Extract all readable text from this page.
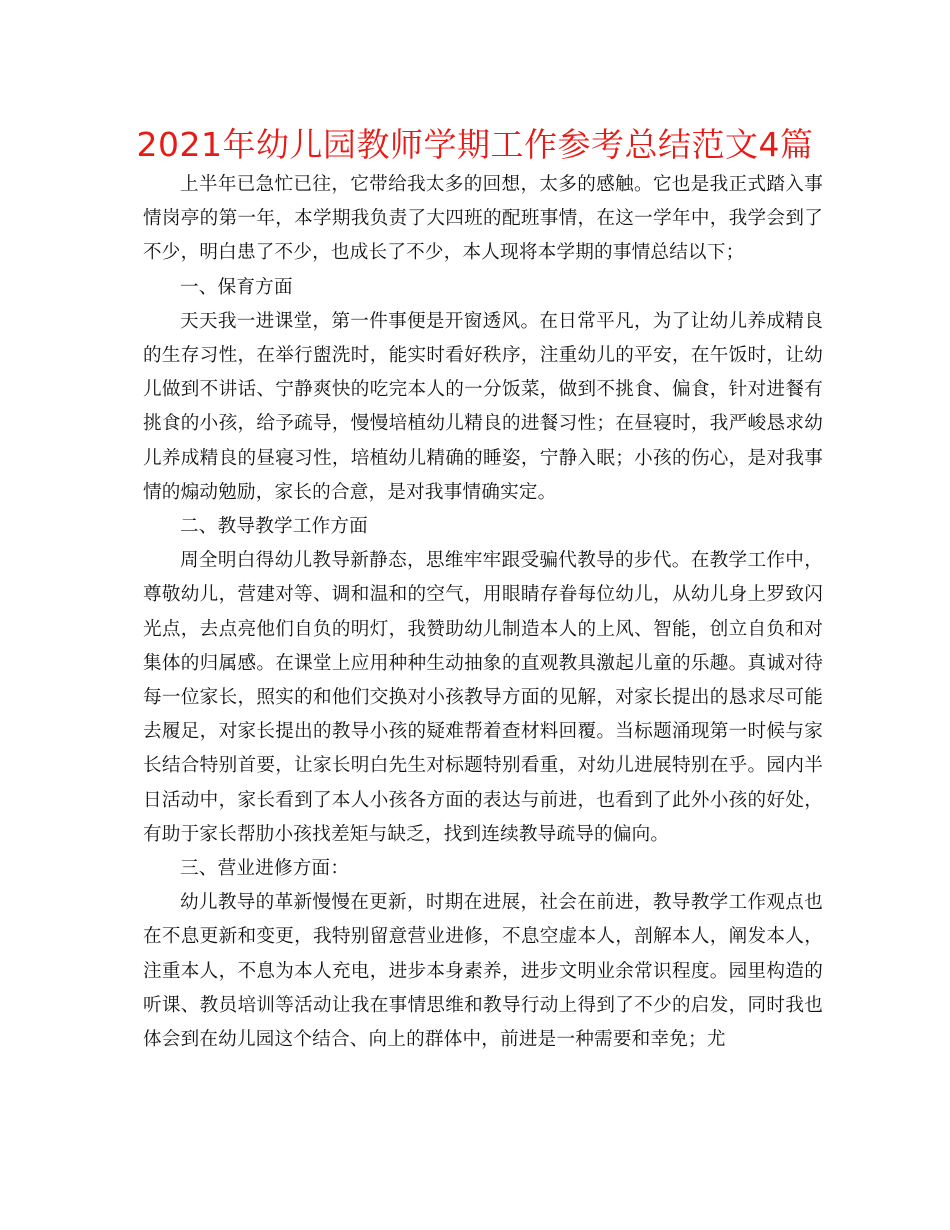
2021年幼儿园教师学期工作参考总结范文4篇

上半年已急忙已往，它带给我太多的回想，太多的感触。它也是我正式踏入事情岗亭的第一年，本学期我负责了大四班的配班事情，在这一学年中，我学会到了不少，明白患了不少，也成长了不少，本人现将本学期的事情总结以下；

一、保育方面

天天我一进课堂，第一件事便是开窗透风。在日常平凡，为了让幼儿养成精良的生存习性，在举行盥洗时，能实时看好秩序，注重幼儿的平安，在午饭时，让幼儿做到不讲话、宁静爽快的吃完本人的一分饭菜，做到不挑食、偏食，针对进餐有挑食的小孩，给予疏导，慢慢培植幼儿精良的进餐习性；在昼寝时，我严峻恳求幼儿养成精良的昼寝习性，培植幼儿精确的睡姿，宁静入眠；小孩的伤心，是对我事情的煽动勉励，家长的合意，是对我事情确实定。

二、教导教学工作方面

周全明白得幼儿教导新静态，思维牢牢跟受骗代教导的步代。在教学工作中，尊敬幼儿，营建对等、调和温和的空气，用眼睛存眷每位幼儿，从幼儿身上罗致闪光点，去点亮他们自负的明灯，我赞助幼儿制造本人的上风、智能，创立自负和对集体的归属感。在课堂上应用种种生动抽象的直观教具激起儿童的乐趣。真诚对待每一位家长，照实的和他们交换对小孩教导方面的见解，对家长提出的恳求尽可能去履足，对家长提出的教导小孩的疑难帮着查材料回覆。当标题涌现第一时候与家长结合特别首要，让家长明白先生对标题特别看重，对幼儿进展特别在乎。园内半日活动中，家长看到了本人小孩各方面的表达与前进，也看到了此外小孩的好处，有助于家长帮肋小孩找差矩与缺乏，找到连续教导疏导的偏向。

三、营业进修方面：

幼儿教导的革新慢慢在更新，时期在进展，社会在前进，教导教学工作观点也在不息更新和变更，我特别留意营业进修，不息空虚本人，剖解本人，阐发本人，注重本人，不息为本人充电，进步本身素养，进步文明业余常识程度。园里构造的听课、教员培训等活动让我在事情思维和教导行动上得到了不少的启发，同时我也体会到在幼儿园这个结合、向上的群体中，前进是一种需要和幸免；尤
